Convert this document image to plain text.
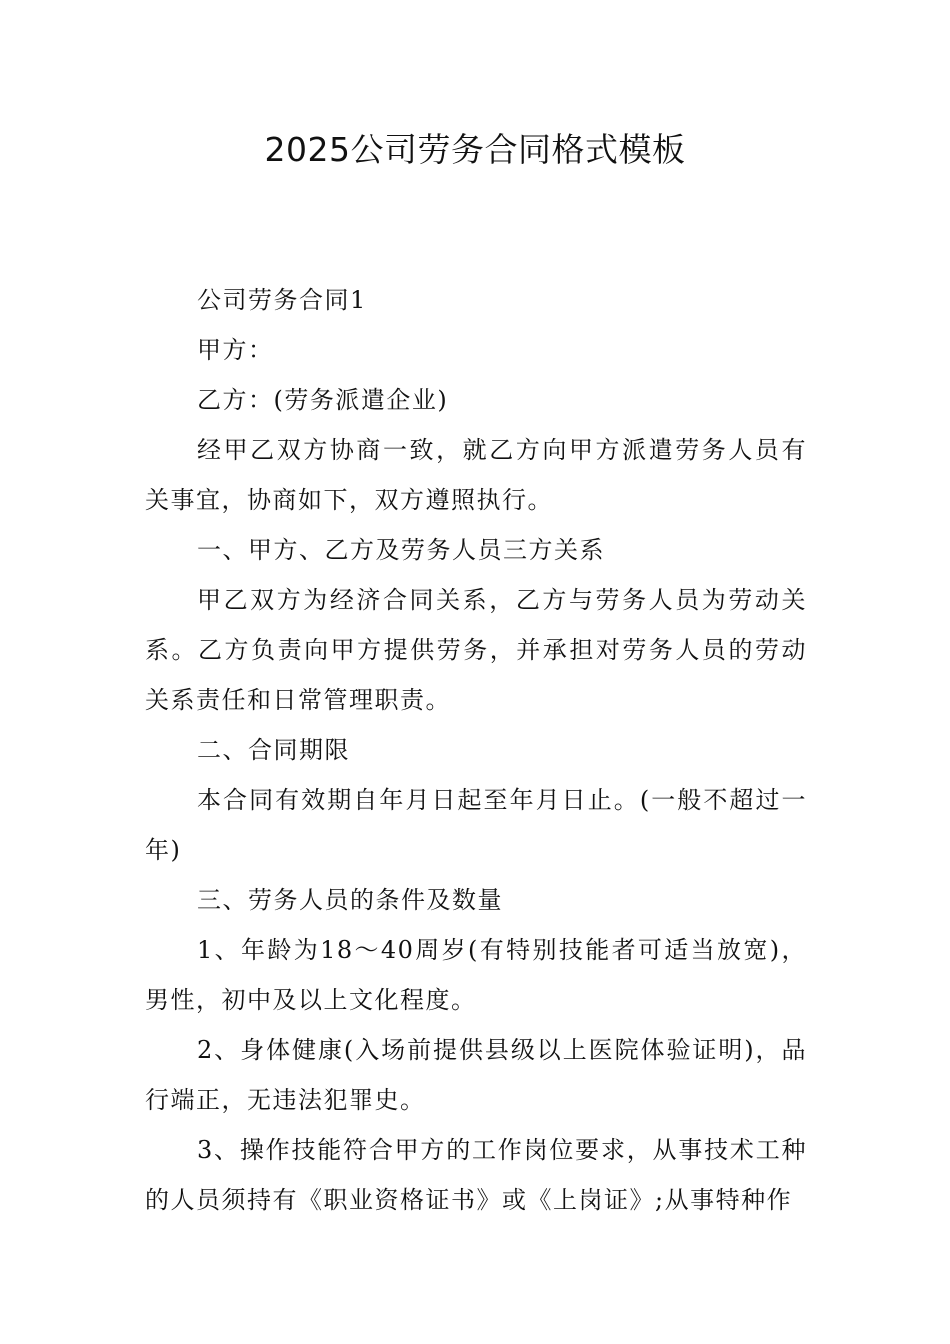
2025公司劳务合同格式模板

公司劳务合同1

甲方：

乙方：(劳务派遣企业)

经甲乙双方协商一致，就乙方向甲方派遣劳务人员有关事宜，协商如下，双方遵照执行。

一、甲方、乙方及劳务人员三方关系

甲乙双方为经济合同关系，乙方与劳务人员为劳动关系。乙方负责向甲方提供劳务，并承担对劳务人员的劳动关系责任和日常管理职责。

二、合同期限

本合同有效期自年月日起至年月日止。(一般不超过一年)

三、劳务人员的条件及数量

1、年龄为18～40周岁(有特别技能者可适当放宽)，男性，初中及以上文化程度。

2、身体健康(入场前提供县级以上医院体验证明)，品行端正，无违法犯罪史。

3、操作技能符合甲方的工作岗位要求，从事技术工种的人员须持有《职业资格证书》或《上岗证》;从事特种作
